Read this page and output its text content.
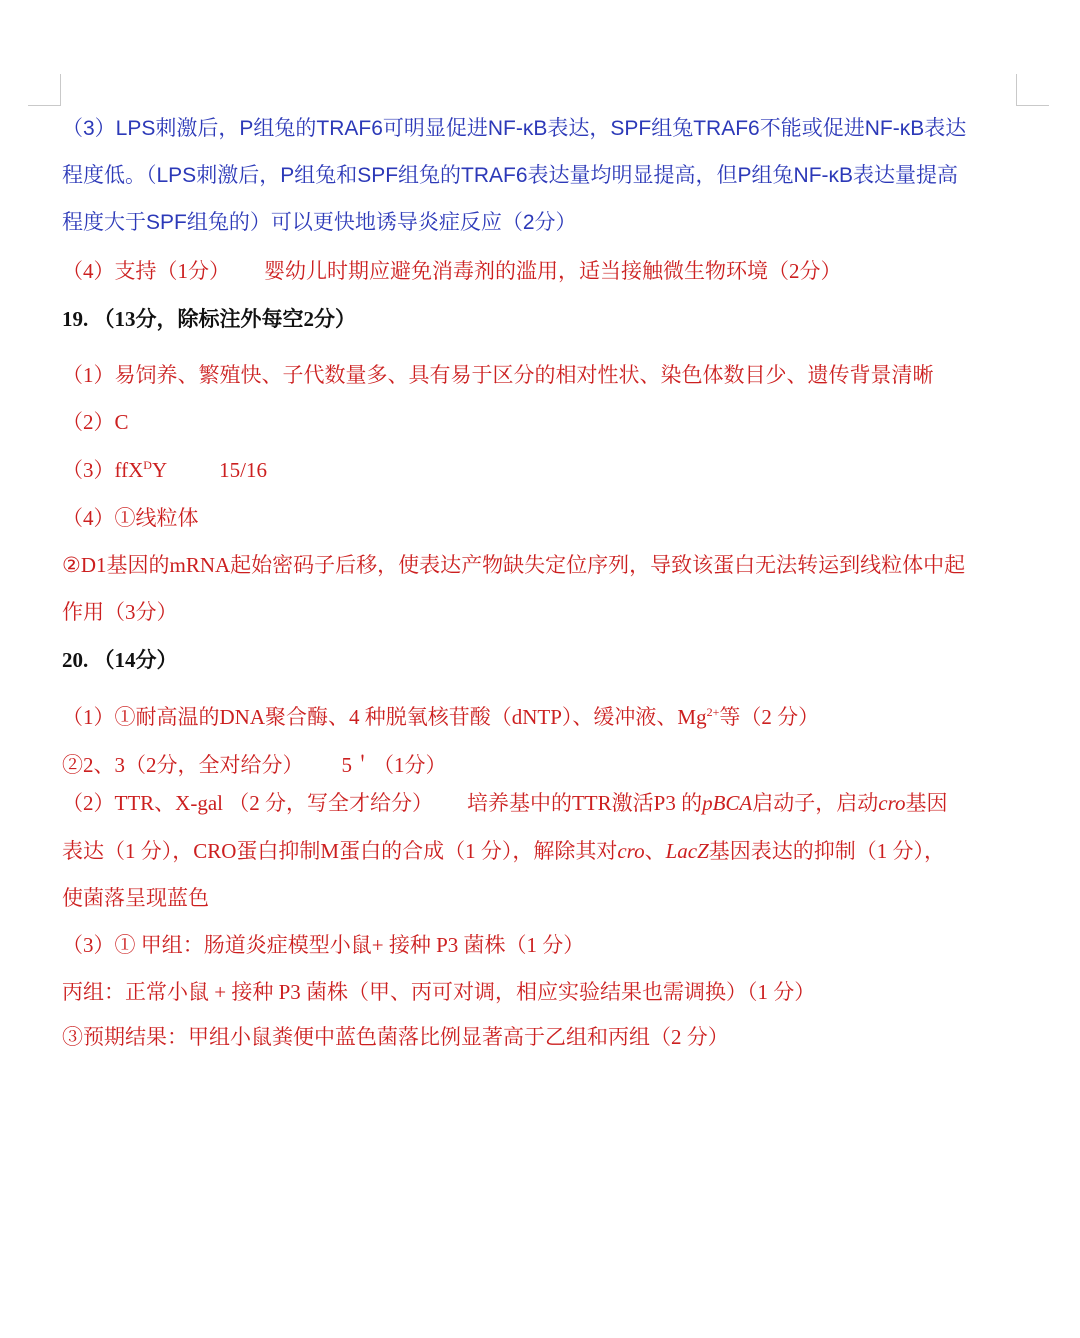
（3）LPS刺激后，P组兔的TRAF6可明显促进NF-κB表达，SPF组兔TRAF6不能或促进NF-κB表达
程度低。（LPS刺激后，P组兔和SPF组兔的TRAF6表达量均明显提高，但P组兔NF-κB表达量提高
程度大于SPF组兔的）可以更快地诱导炎症反应（2分）
（4）支持（1分） 婴幼儿时期应避免消毒剂的滥用，适当接触微生物环境（2分）
19. （13分，除标注外每空2分）
（1）易饲养、繁殖快、子代数量多、具有易于区分的相对性状、染色体数目少、遗传背景清晰
（2）C
（3）ffX$^D$Y 15/16
（4）①线粒体
②D1基因的mRNA起始密码子后移，使表达产物缺失定位序列，导致该蛋白无法转运到线粒体中起
作用（3分）
20. （14分）
（1）①耐高温的DNA聚合酶、4 种脱氧核苷酸（dNTP）、缓冲液、$Mg^{2+}$等（2 分）
②2、3（2分，全对给分） 5＇（1分）
（2）TTR、X-gal （2 分，写全才给分） 培养基中的TTR激活P3 的pBCA启动子，启动cro基因
表达（1 分），CRO蛋白抑制M蛋白的合成（1 分），解除其对cro、LacZ基因表达的抑制（1 分），
使菌落呈现蓝色
（3）① 甲组：肠道炎症模型小鼠+ 接种 P3 菌株（1 分）
丙组：正常小鼠 + 接种 P3 菌株（甲、丙可对调，相应实验结果也需调换）（1 分）
③预期结果：甲组小鼠粪便中蓝色菌落比例显著高于乙组和丙组（2 分）
